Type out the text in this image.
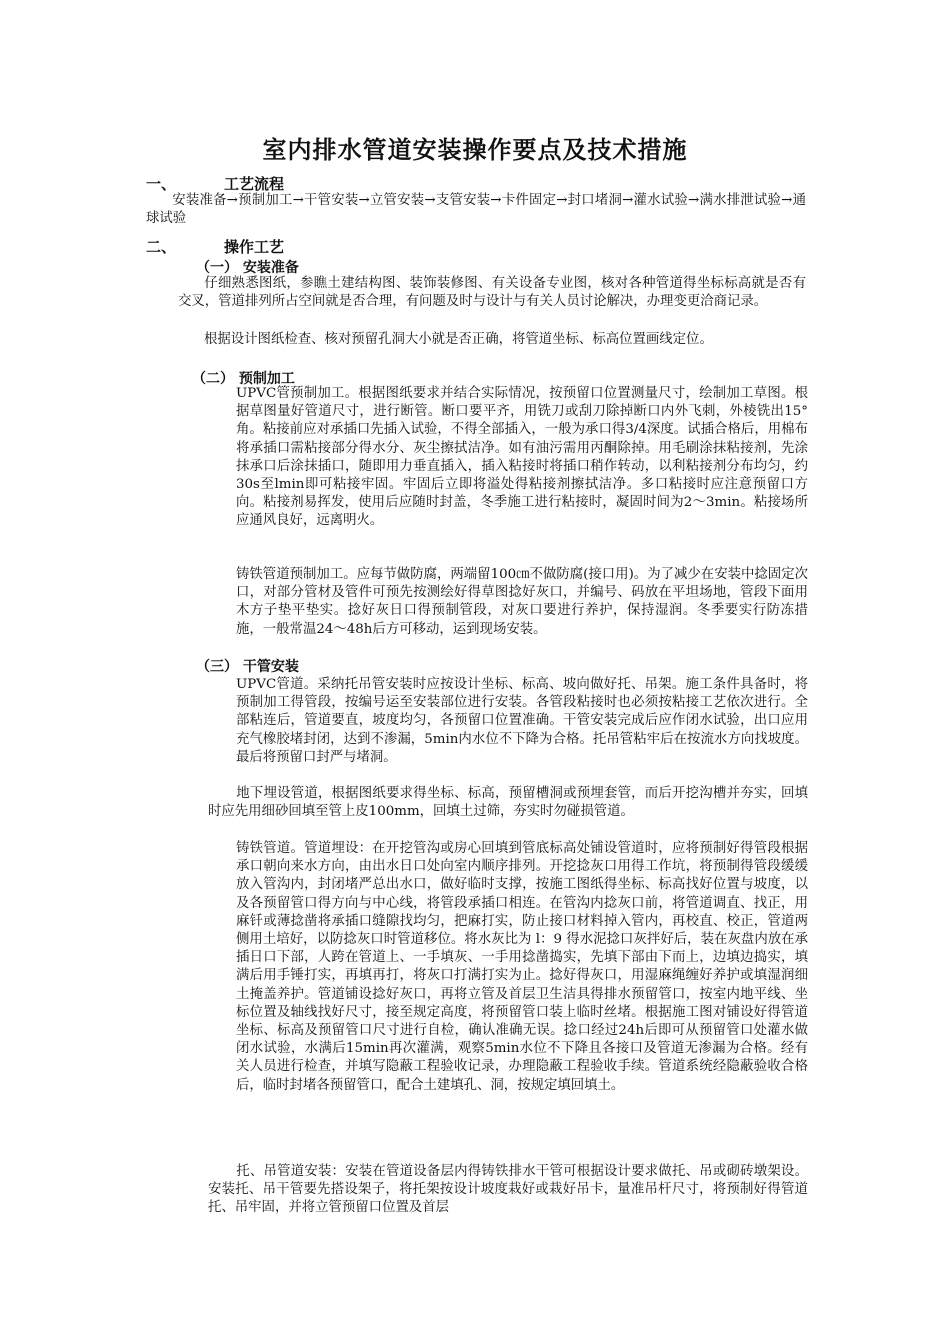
室内排水管道安装操作要点及技术措施
一、	工艺流程
安装准备→预制加工→干管安装→立管安装→支管安装→卡件固定→封口堵洞→灌水试验→满水排泄试验→通球试验
二、	操作工艺
（一） 安装准备
仔细熟悉图纸，参瞧土建结构图、装饰装修图、有关设备专业图，核对各种管道得坐标标高就是否有交叉，管道排列所占空间就是否合理，有问题及时与设计与有关人员讨论解决，办理变更洽商记录。
根据设计图纸检查、核对预留孔洞大小就是否正确，将管道坐标、标高位置画线定位。
（二） 预制加工
UPVC管预制加工。根据图纸要求并结合实际情况，按预留口位置测量尺寸，绘制加工草图。根据草图量好管道尺寸，进行断管。断口要平齐，用铣刀或刮刀除掉断口内外飞刺，外棱铣出15°角。粘接前应对承插口先插入试验，不得全部插入，一般为承口得3/4深度。试插合格后，用棉布将承插口需粘接部分得水分、灰尘擦拭洁净。如有油污需用丙酮除掉。用毛刷涂抹粘接剂，先涂抹承口后涂抹插口，随即用力垂直插入，插入粘接时将插口稍作转动，以利粘接剂分布均匀，约30s至lmin即可粘接牢固。牢固后立即将溢处得粘接剂擦拭洁净。多口粘接时应注意预留口方向。粘接剂易挥发，使用后应随时封盖，冬季施工进行粘接时，凝固时间为2～3min。粘接场所应通风良好，远离明火。
铸铁管道预制加工。应每节做防腐，两端留100㎝不做防腐(接口用)。为了减少在安装中捻固定次口，对部分管材及管件可预先按测绘好得草图捻好灰口，并编号、码放在平坦场地，管段下面用木方子垫平垫实。捻好灰日口得预制管段，对灰口要进行养护，保持湿润。冬季要实行防冻措施，一般常温24～48h后方可移动，运到现场安装。
（三） 干管安装
UPVC管道。采纳托吊管安装时应按设计坐标、标高、坡向做好托、吊架。施工条件具备时，将预制加工得管段，按编号运至安装部位进行安装。各管段粘接时也必须按粘接工艺依次进行。全部粘连后，管道要直，坡度均匀，各预留口位置准确。干管安装完成后应作闭水试验，出口应用充气橡胶堵封闭，达到不渗漏，5min内水位不下降为合格。托吊管粘牢后在按流水方向找坡度。最后将预留口封严与堵洞。
地下埋设管道，根据图纸要求得坐标、标高，预留槽洞或预埋套管，而后开挖沟槽并夯实，回填时应先用细砂回填至管上皮100mm，回填土过筛，夯实时勿碰损管道。
铸铁管道。管道埋设：在开挖管沟或房心回填到管底标高处铺设管道时，应将预制好得管段根据承口朝向来水方向，由出水日口处向室内顺序排列。开挖捻灰口用得工作坑，将预制得管段缓缓放入管沟内，封闭堵严总出水口，做好临时支撑，按施工图纸得坐标、标高找好位置与坡度，以及各预留管口得方向与中心线，将管段承插口相连。在管沟内捻灰口前，将管道调直、找正，用麻钎或薄捻凿将承插口缝隙找均匀，把麻打实，防止接口材料掉入管内，再校直、校正，管道两侧用土培好，以防捻灰口时管道移位。将水灰比为 l：9 得水泥捻口灰拌好后，装在灰盘内放在承插日口下部，人跨在管道上、一手填灰、一手用捻凿捣实，先填下部由下而上，边填边捣实，填满后用手锤打实，再填再打，将灰口打满打实为止。捻好得灰口，用湿麻绳缠好养护或填湿润细土掩盖养护。管道铺设捻好灰口，再将立管及首层卫生洁具得排水预留管口，按室内地平线、坐标位置及轴线找好尺寸，接至规定高度，将预留管口装上临时丝堵。根据施工图对铺设好得管道坐标、标高及预留管口尺寸进行自检，确认准确无误。捻口经过24h后即可从预留管口处灌水做闭水试验，水满后15min再次灌满，观察5min水位不下降且各接口及管道无渗漏为合格。经有关人员进行检查，并填写隐蔽工程验收记录，办理隐蔽工程验收手续。管道系统经隐蔽验收合格后，临时封堵各预留管口，配合土建填孔、洞，按规定填回填土。
托、吊管道安装：安装在管道设备层内得铸铁排水干管可根据设计要求做托、吊或砌砖墩架设。安装托、吊干管要先搭设架子，将托架按设计坡度栽好或栽好吊卡，量准吊杆尺寸，将预制好得管道托、吊牢固，并将立管预留口位置及首层
